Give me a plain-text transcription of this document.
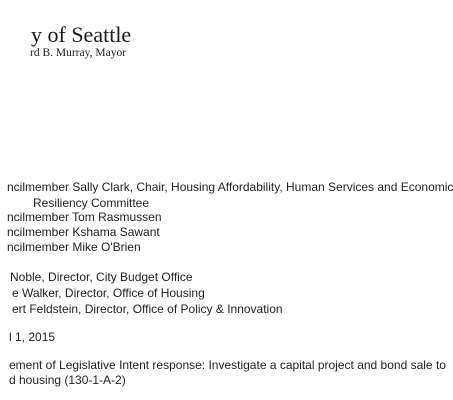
y of Seattle
rd B. Murray, Mayor
ncilmember Sally Clark, Chair, Housing Affordability, Human Services and Economic
Resiliency Committee
ncilmember Tom Rasmussen
ncilmember Kshama Sawant
ncilmember Mike O'Brien
Noble, Director, City Budget Office
e Walker, Director, Office of Housing
ert Feldstein, Director, Office of Policy & Innovation
l 1, 2015
ement of Legislative Intent response: Investigate a capital project and bond sale to
d housing (130-1-A-2)
